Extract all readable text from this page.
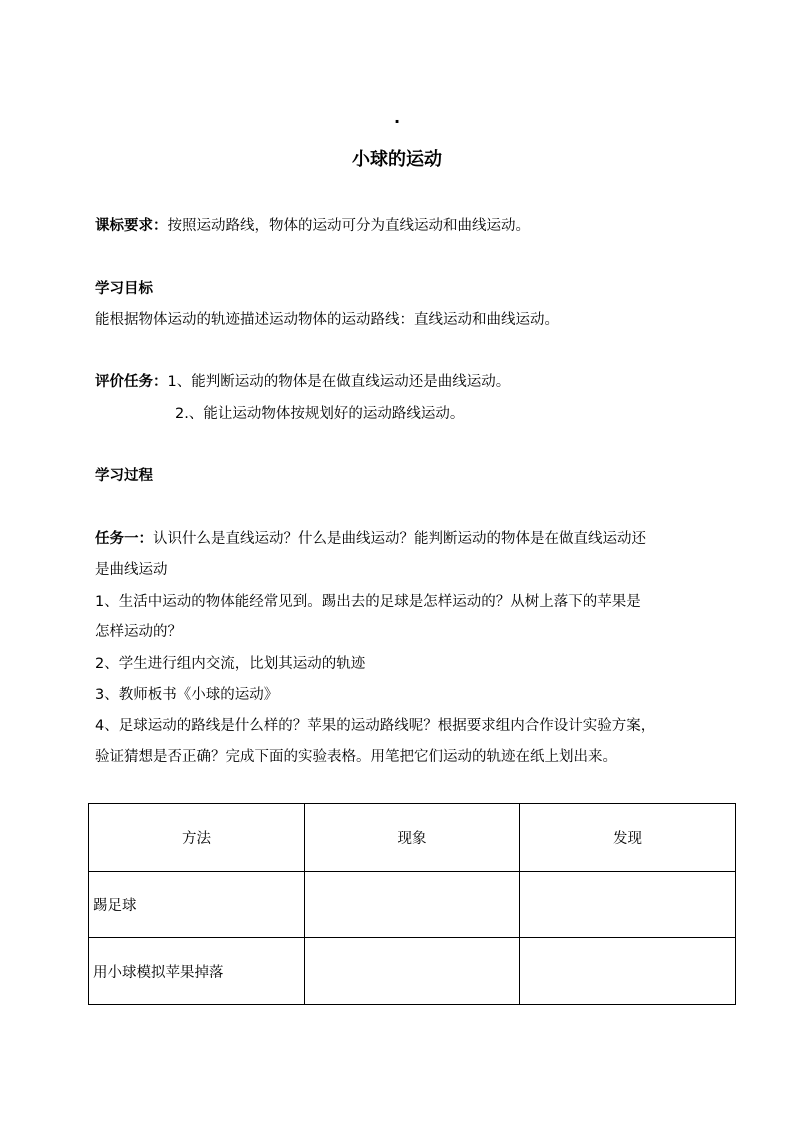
.
小球的运动
课标要求：按照运动路线，物体的运动可分为直线运动和曲线运动。
学习目标
能根据物体运动的轨迹描述运动物体的运动路线：直线运动和曲线运动。
评价任务：1、能判断运动的物体是在做直线运动还是曲线运动。
2.、能让运动物体按规划好的运动路线运动。
学习过程
任务一：认识什么是直线运动？什么是曲线运动？能判断运动的物体是在做直线运动还
是曲线运动
1、生活中运动的物体能经常见到。踢出去的足球是怎样运动的？从树上落下的苹果是
怎样运动的？
2、学生进行组内交流，比划其运动的轨迹
3、教师板书《小球的运动》
4、足球运动的路线是什么样的？苹果的运动路线呢？根据要求组内合作设计实验方案，
验证猜想是否正确？完成下面的实验表格。用笔把它们运动的轨迹在纸上划出来。
方法	现象	发现
踢足球		
用小球模拟苹果掉落		
